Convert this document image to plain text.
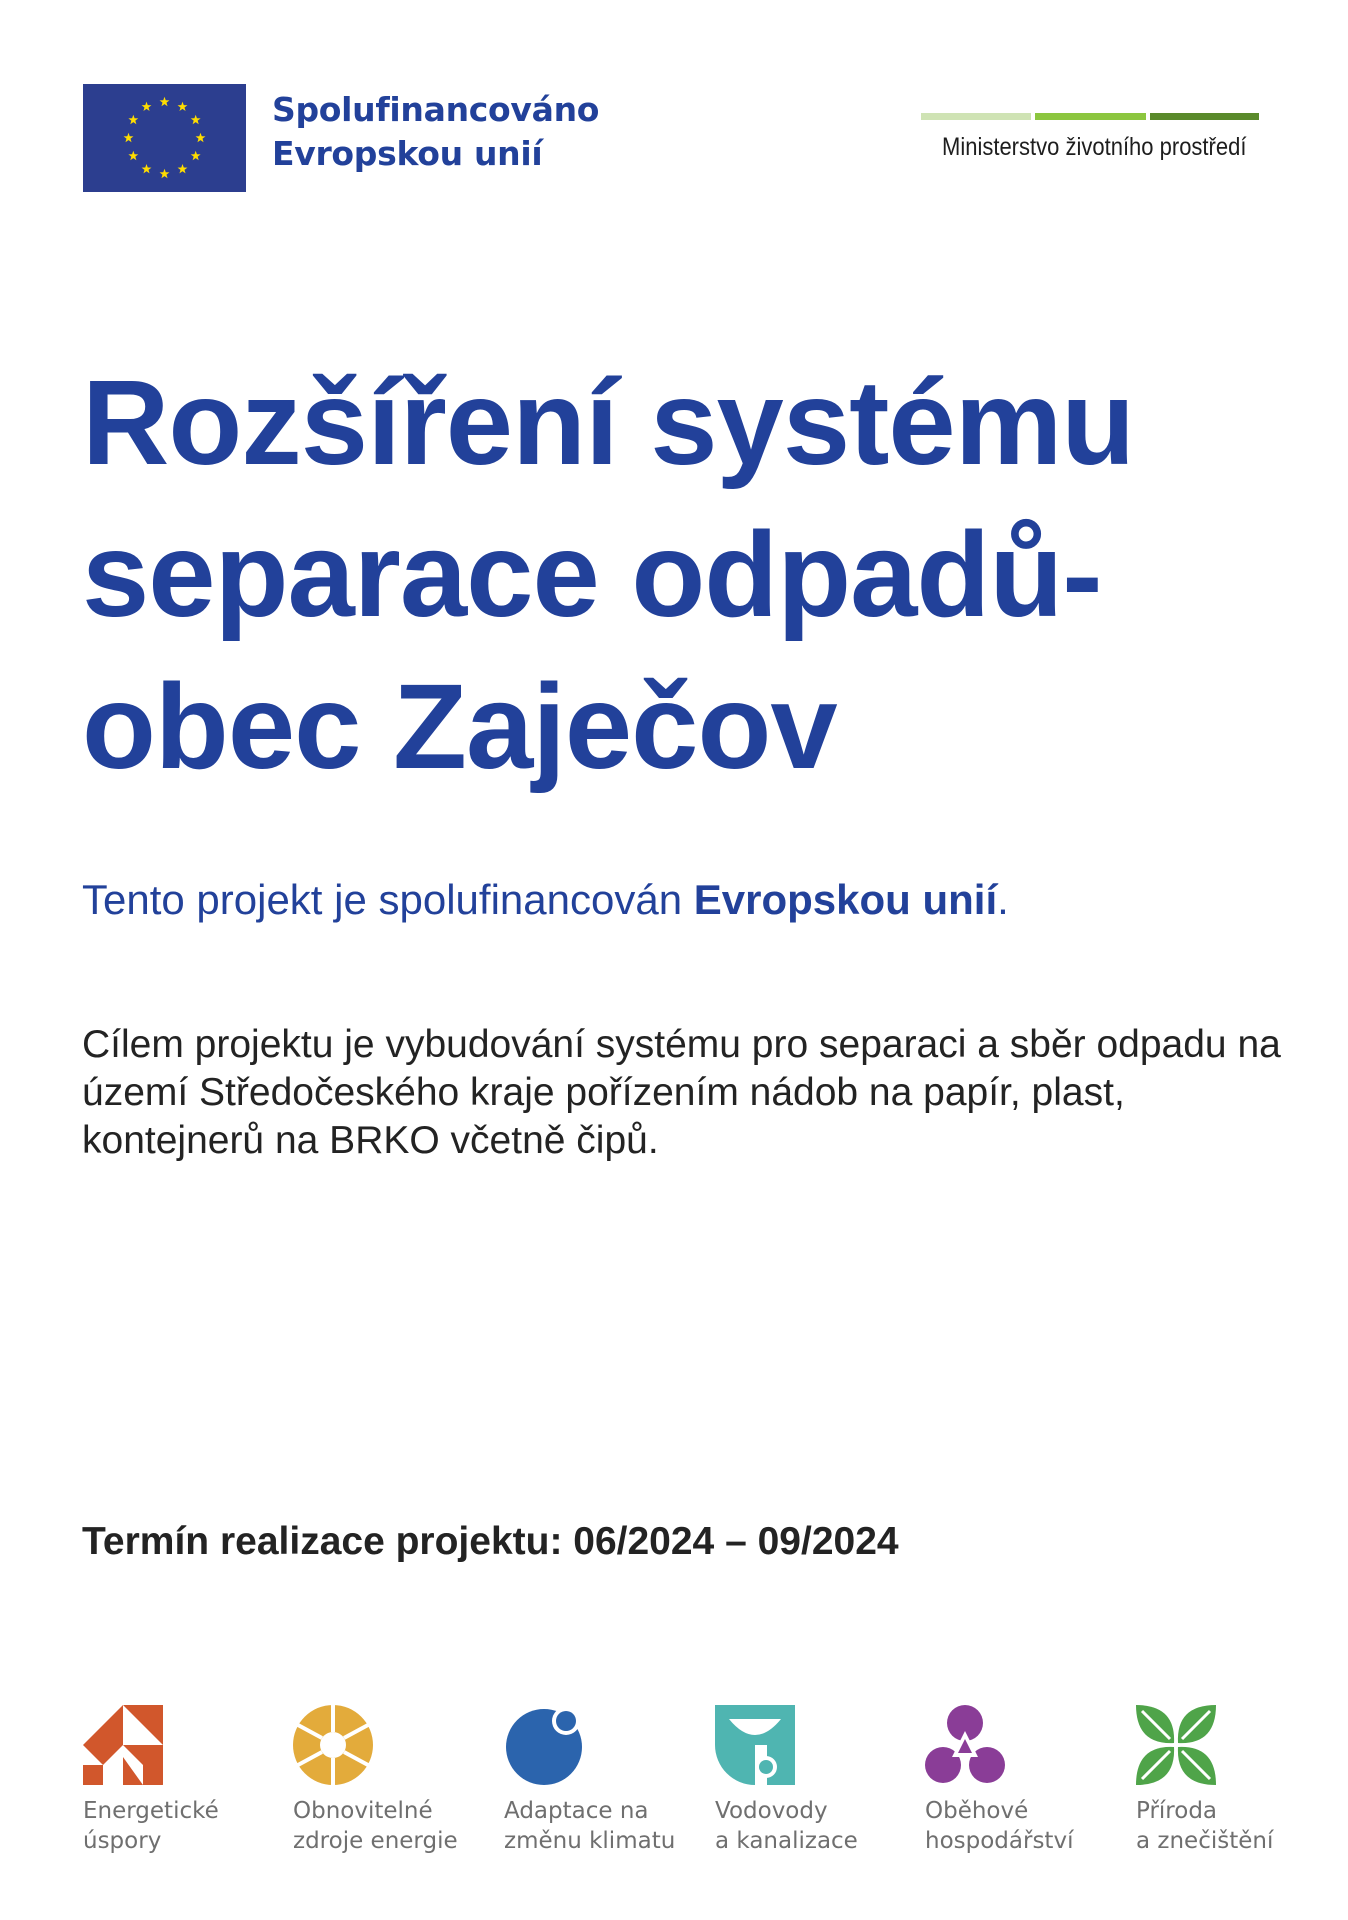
Spolufinancováno
Evropskou unií	Ministerstvo životního prostředí
Rozšíření systému
separace odpadů-
obec Zaječov

Tento projekt je spolufinancován Evropskou unií.

Cílem projektu je vybudování systému pro separaci a sběr odpadu na území Středočeského kraje pořízením nádob na papír, plast, kontejnerů na BRKO včetně čipů.

Termín realizace projektu: 06/2024 – 09/2024

Energetické
úspory
Obnovitelné
zdroje energie
Adaptace na
změnu klimatu
Vodovody
a kanalizace
Oběhové
hospodářství
Příroda
a znečištění
